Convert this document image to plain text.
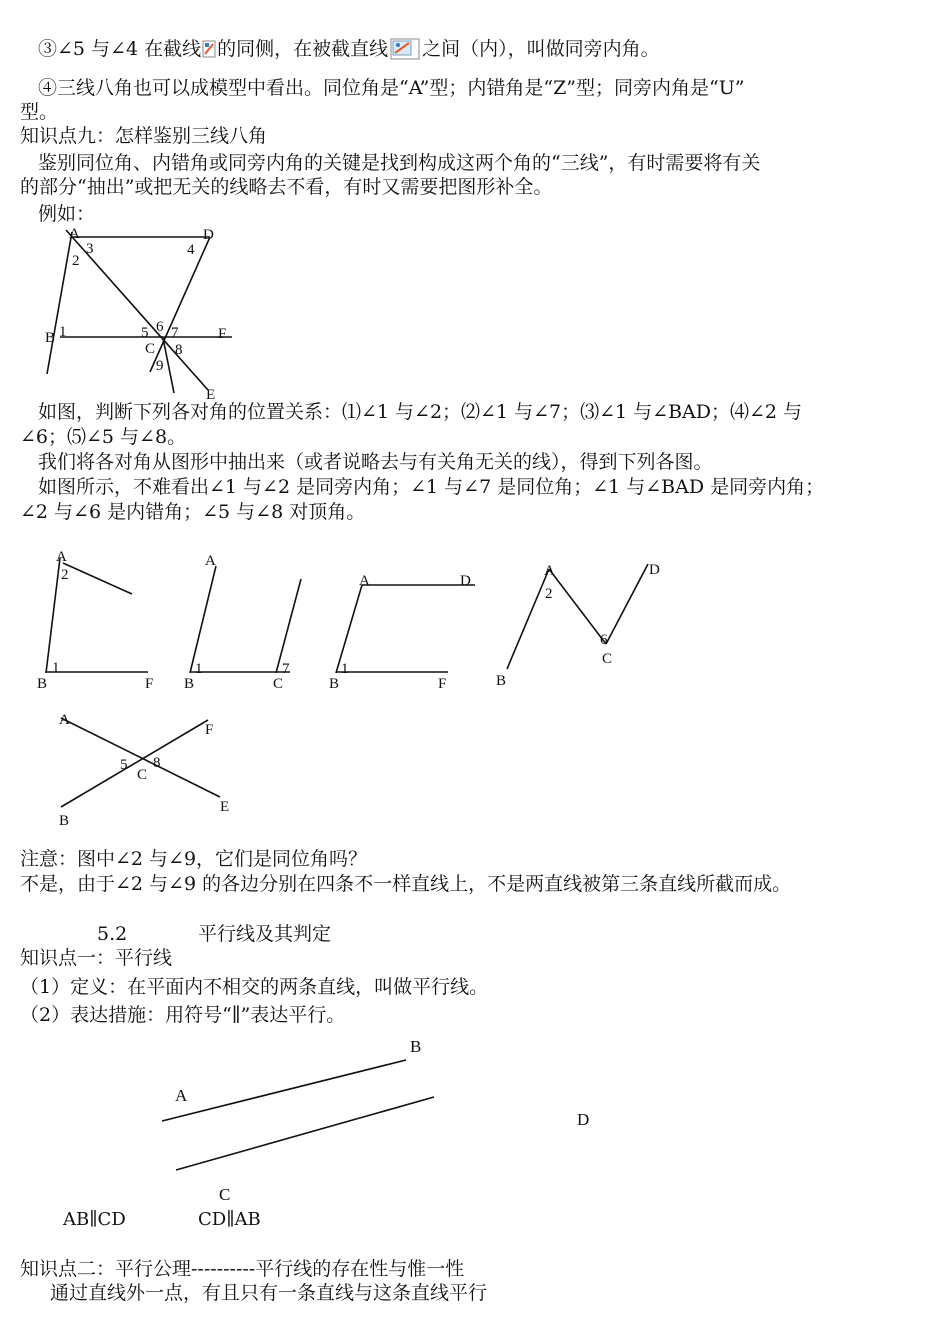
③∠5 与∠4 在截线 的同侧，在被截直线 之间（内），叫做同旁内角。
④三线八角也可以成模型中看出。同位角是“A”型；内错角是“Z”型；同旁内角是“U”
型。
知识点九：怎样鉴别三线八角
鉴别同位角、内错角或同旁内角的关键是找到构成这两个角的“三线”，有时需要将有关
的部分“抽出”或把无关的线略去不看，有时又需要把图形补全。
例如：
A	D
3
2
4
B 1	5 6 7	F
C 8
9
E
如图，判断下列各对角的位置关系：⑴∠1 与∠2；⑵∠1 与∠7；⑶∠1 与∠BAD；⑷∠2 与
∠6；⑸∠5 与∠8。
我们将各对角从图形中抽出来（或者说略去与有关角无关的线），得到下列各图。
如图所示，不难看出∠1 与∠2 是同旁内角；∠1 与∠7 是同位角；∠1 与∠BAD 是同旁内角；
∠2 与∠6 是内错角；∠5 与∠8 对顶角。
A
2
1
B	F
A
1	7
B	C
A	D
1
B	F
A
2
D
6
C
B
A
F
5 8
C
E
B
注意：图中∠2 与∠9，它们是同位角吗？
不是，由于∠2 与∠9 的各边分别在四条不一样直线上，不是两直线被第三条直线所截而成。
5.2	平行线及其判定
知识点一：平行线
（1）定义：在平面内不相交的两条直线，叫做平行线。
（2）表达措施：用符号“∥”表达平行。
B
A
D
C
AB∥CD	CD∥AB
知识点二：平行公理----------平行线的存在性与惟一性
通过直线外一点，有且只有一条直线与这条直线平行
